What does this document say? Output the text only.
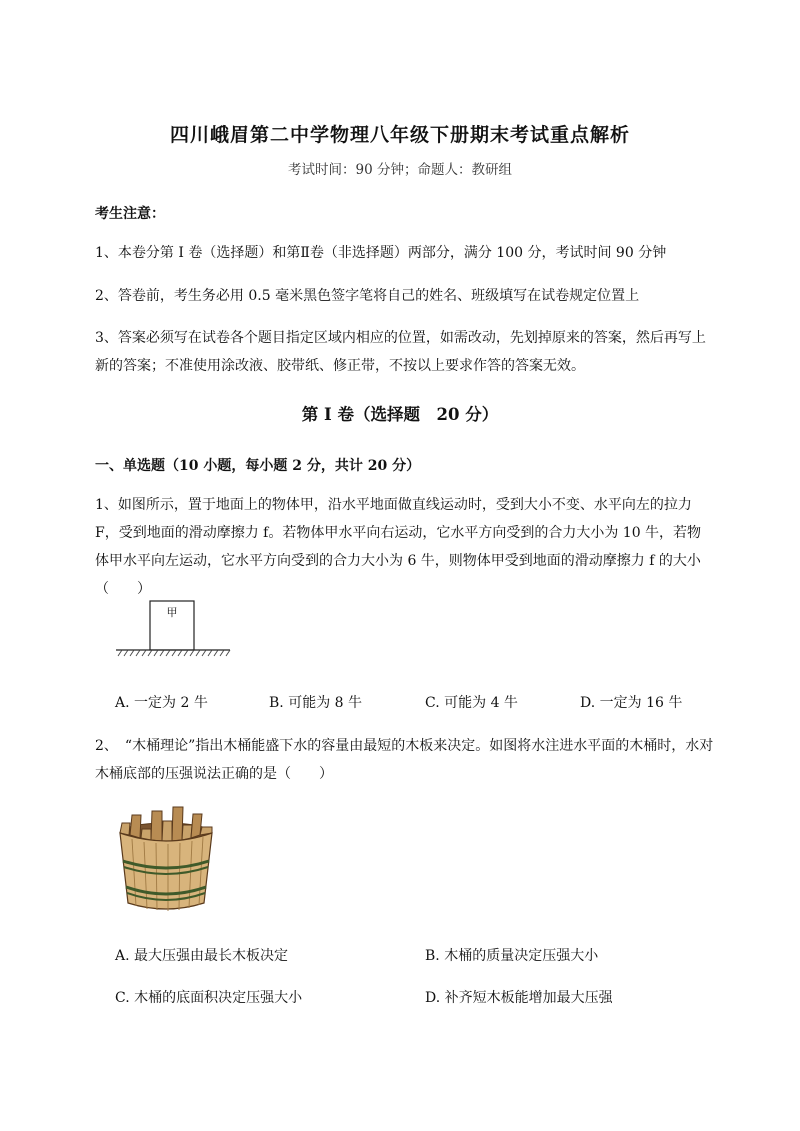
四川峨眉第二中学物理八年级下册期末考试重点解析
考试时间：90 分钟；命题人：教研组
考生注意：
1、本卷分第 I 卷（选择题）和第Ⅱ卷（非选择题）两部分，满分 100 分，考试时间 90 分钟
2、答卷前，考生务必用 0.5 毫米黑色签字笔将自己的姓名、班级填写在试卷规定位置上
3、答案必须写在试卷各个题目指定区域内相应的位置，如需改动，先划掉原来的答案，然后再写上新的答案；不准使用涂改液、胶带纸、修正带，不按以上要求作答的答案无效。
第 I 卷（选择题　20 分）
一、单选题（10 小题，每小题 2 分，共计 20 分）
1、如图所示，置于地面上的物体甲，沿水平地面做直线运动时，受到大小不变、水平向左的拉力 F，受到地面的滑动摩擦力 f。若物体甲水平向右运动，它水平方向受到的合力大小为 10 牛，若物体甲水平向左运动，它水平方向受到的合力大小为 6 牛，则物体甲受到地面的滑动摩擦力 f 的大小（　　）
甲
A. 一定为 2 牛	B. 可能为 8 牛	C. 可能为 4 牛	D. 一定为 16 牛
2、　“木桶理论”指出木桶能盛下水的容量由最短的木板来决定。如图将水注进水平面的木桶时，水对木桶底部的压强说法正确的是（　　）
A. 最大压强由最长木板决定	B. 木桶的质量决定压强大小
C. 木桶的底面积决定压强大小	D. 补齐短木板能增加最大压强
